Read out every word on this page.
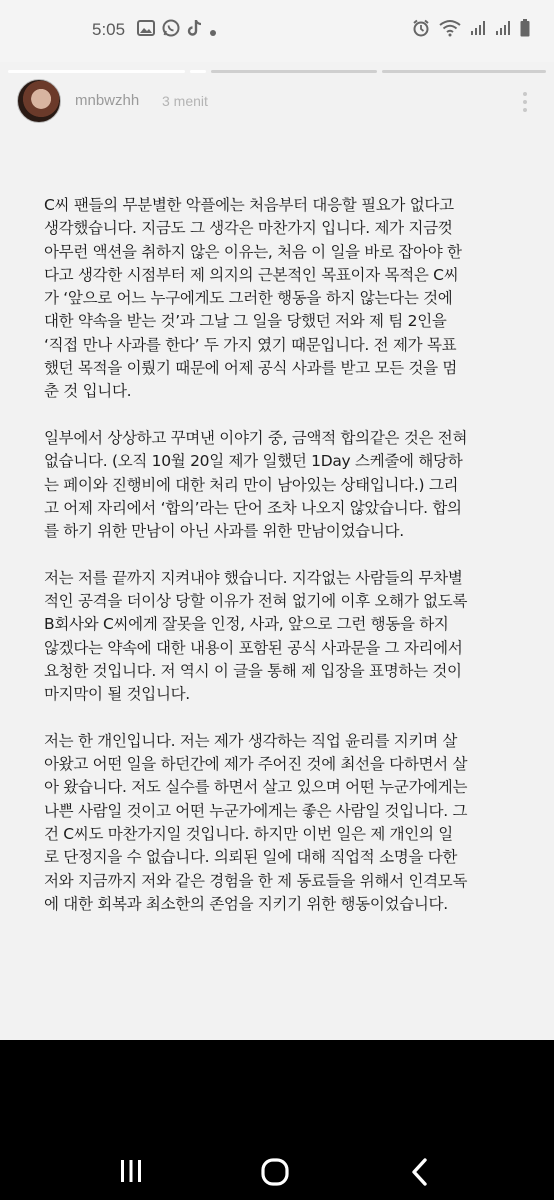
5:05
mnbwzhh 3 menit

C씨 팬들의 무분별한 악플에는 처음부터 대응할 필요가 없다고
생각했습니다. 지금도 그 생각은 마찬가지 입니다. 제가 지금껏
아무런 액션을 취하지 않은 이유는, 처음 이 일을 바로 잡아야 한
다고 생각한 시점부터 제 의지의 근본적인 목표이자 목적은 C씨
가 ‘앞으로 어느 누구에게도 그러한 행동을 하지 않는다는 것에
대한 약속을 받는 것’과 그날 그 일을 당했던 저와 제 팀 2인을
‘직접 만나 사과를 한다’ 두 가지 였기 때문입니다. 전 제가 목표
했던 목적을 이뤘기 때문에 어제 공식 사과를 받고 모든 것을 멈
춘 것 입니다.

일부에서 상상하고 꾸며낸 이야기 중, 금액적 합의같은 것은 전혀
없습니다. (오직 10월 20일 제가 일했던 1Day 스케줄에 해당하
는 페이와 진행비에 대한 처리 만이 남아있는 상태입니다.) 그리
고 어제 자리에서 ‘합의’라는 단어 조차 나오지 않았습니다. 합의
를 하기 위한 만남이 아닌 사과를 위한 만남이었습니다.

저는 저를 끝까지 지켜내야 했습니다. 지각없는 사람들의 무차별
적인 공격을 더이상 당할 이유가 전혀 없기에 이후 오해가 없도록
B회사와 C씨에게 잘못을 인정, 사과, 앞으로 그런 행동을 하지
않겠다는 약속에 대한 내용이 포함된 공식 사과문을 그 자리에서
요청한 것입니다. 저 역시 이 글을 통해 제 입장을 표명하는 것이
마지막이 될 것입니다.

저는 한 개인입니다. 저는 제가 생각하는 직업 윤리를 지키며 살
아왔고 어떤 일을 하던간에 제가 주어진 것에 최선을 다하면서 살
아 왔습니다. 저도 실수를 하면서 살고 있으며 어떤 누군가에게는
나쁜 사람일 것이고 어떤 누군가에게는 좋은 사람일 것입니다. 그
건 C씨도 마찬가지일 것입니다. 하지만 이번 일은 제 개인의 일
로 단정지을 수 없습니다. 의뢰된 일에 대해 직업적 소명을 다한
저와 지금까지 저와 같은 경험을 한 제 동료들을 위해서 인격모독
에 대한 회복과 최소한의 존엄을 지키기 위한 행동이었습니다.
